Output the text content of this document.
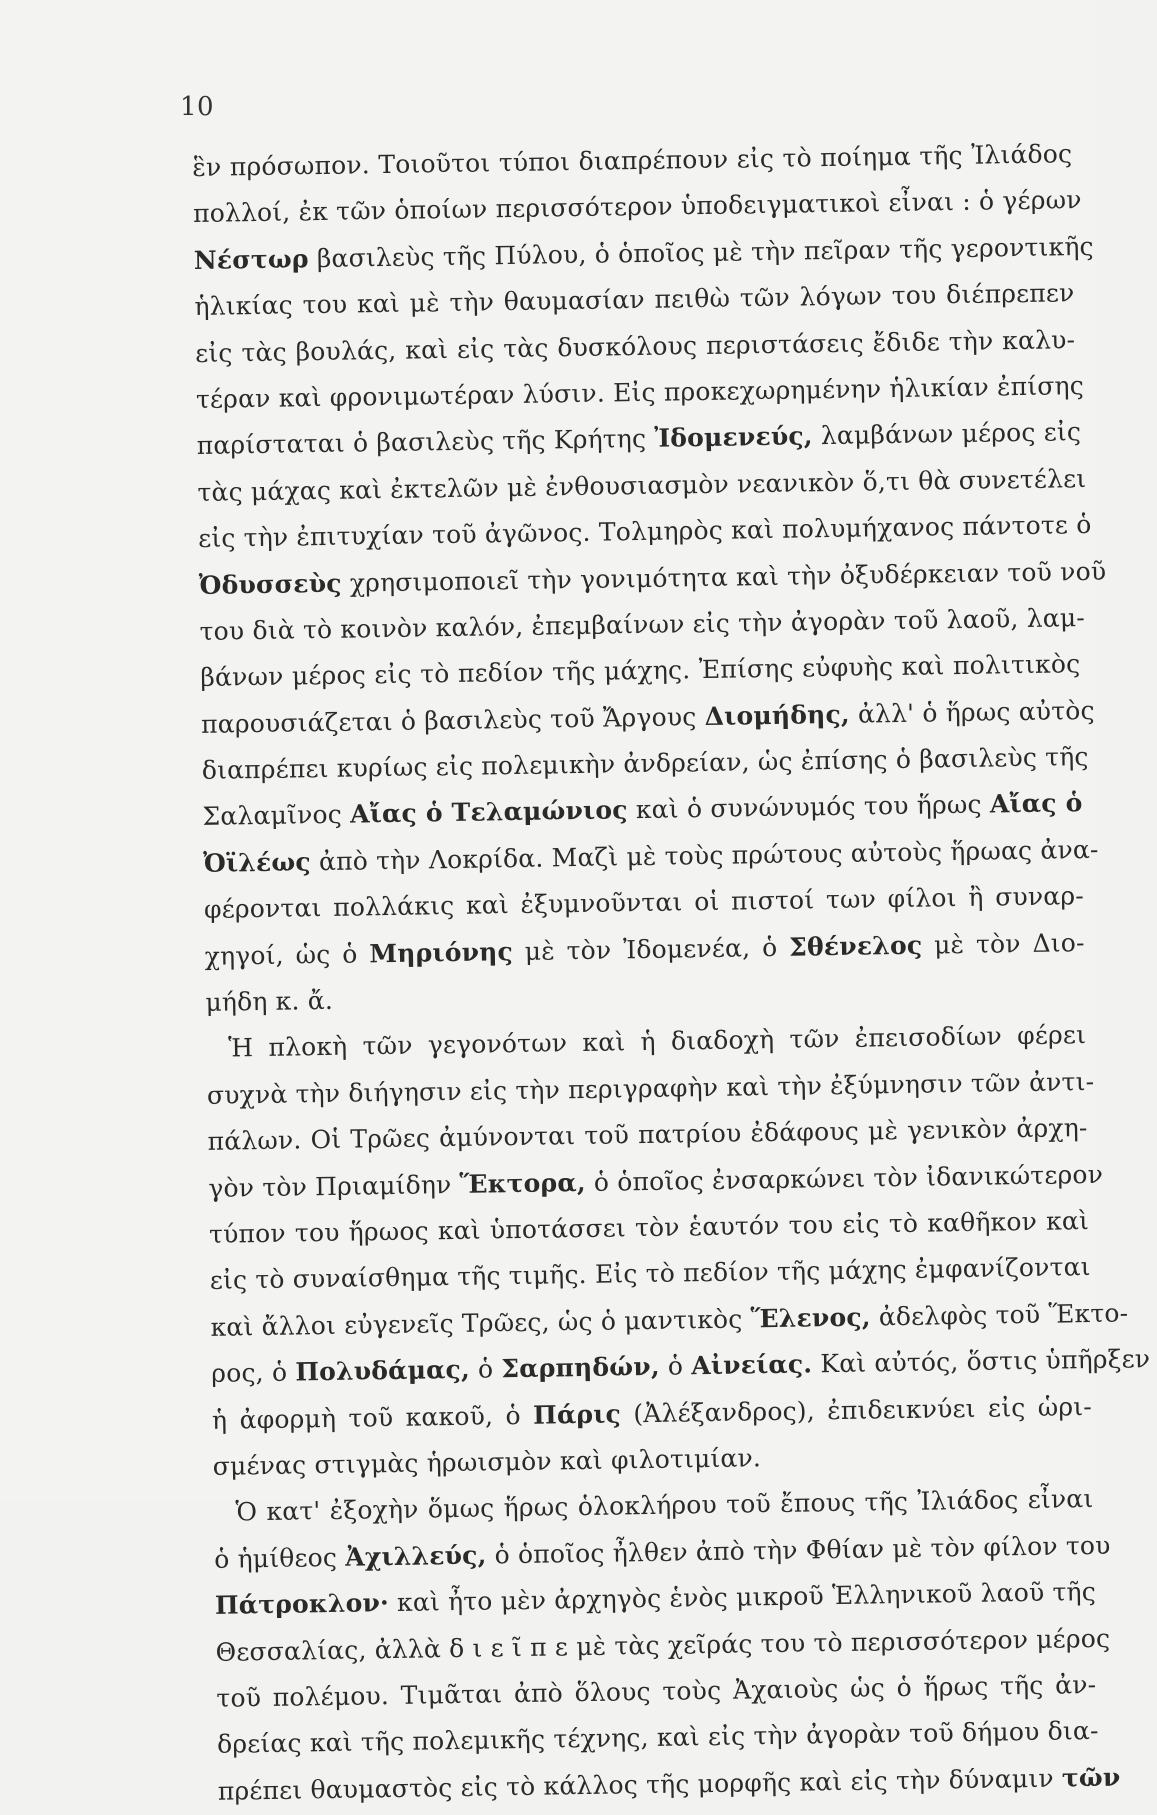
10
ἓν πρόσωπον. Τοιοῦτοι τύποι διαπρέπουν εἰς τὸ ποίημα τῆς Ἰλιάδος
πολλοί, ἐκ τῶν ὁποίων περισσότερον ὑποδειγματικοὶ εἶναι : ὁ γέρων
Νέστωρ βασιλεὺς τῆς Πύλου, ὁ ὁποῖος μὲ τὴν πεῖραν τῆς γεροντικῆς
ἡλικίας του καὶ μὲ τὴν θαυμασίαν πειθὼ τῶν λόγων του διέπρεπεν
εἰς τὰς βουλάς, καὶ εἰς τὰς δυσκόλους περιστάσεις ἔδιδε τὴν καλυ-
τέραν καὶ φρονιμωτέραν λύσιν. Εἰς προκεχωρημένην ἡλικίαν ἐπίσης
παρίσταται ὁ βασιλεὺς τῆς Κρήτης Ἰδομενεύς, λαμβάνων μέρος εἰς
τὰς μάχας καὶ ἐκτελῶν μὲ ἐνθουσιασμὸν νεανικὸν ὅ,τι θὰ συνετέλει
εἰς τὴν ἐπιτυχίαν τοῦ ἀγῶνος. Τολμηρὸς καὶ πολυμήχανος πάντοτε ὁ
Ὀδυσσεὺς χρησιμοποιεῖ τὴν γονιμότητα καὶ τὴν ὀξυδέρκειαν τοῦ νοῦ
του διὰ τὸ κοινὸν καλόν, ἐπεμβαίνων εἰς τὴν ἀγορὰν τοῦ λαοῦ, λαμ-
βάνων μέρος εἰς τὸ πεδίον τῆς μάχης. Ἐπίσης εὐφυὴς καὶ πολιτικὸς
παρουσιάζεται ὁ βασιλεὺς τοῦ Ἄργους Διομήδης, ἀλλ' ὁ ἥρως αὐτὸς
διαπρέπει κυρίως εἰς πολεμικὴν ἀνδρείαν, ὡς ἐπίσης ὁ βασιλεὺς τῆς
Σαλαμῖνος Αἴας ὁ Τελαμώνιος καὶ ὁ συνώνυμός του ἥρως Αἴας ὁ
Ὀϊλέως ἀπὸ τὴν Λοκρίδα. Μαζὶ μὲ τοὺς πρώτους αὐτοὺς ἥρωας ἀνα-
φέρονται πολλάκις καὶ ἐξυμνοῦνται οἱ πιστοί των φίλοι ἢ συναρ-
χηγοί, ὡς ὁ Μηριόνης μὲ τὸν Ἰδομενέα, ὁ Σθένελος μὲ τὸν Διο-
μήδη κ. ἄ.
Ἡ πλοκὴ τῶν γεγονότων καὶ ἡ διαδοχὴ τῶν ἐπεισοδίων φέρει
συχνὰ τὴν διήγησιν εἰς τὴν περιγραφὴν καὶ τὴν ἐξύμνησιν τῶν ἀντι-
πάλων. Οἱ Τρῶες ἀμύνονται τοῦ πατρίου ἐδάφους μὲ γενικὸν ἀρχη-
γὸν τὸν Πριαμίδην Ἕκτορα, ὁ ὁποῖος ἐνσαρκώνει τὸν ἰδανικώτερον
τύπον του ἥρωος καὶ ὑποτάσσει τὸν ἑαυτόν του εἰς τὸ καθῆκον καὶ
εἰς τὸ συναίσθημα τῆς τιμῆς. Εἰς τὸ πεδίον τῆς μάχης ἐμφανίζονται
καὶ ἄλλοι εὐγενεῖς Τρῶες, ὡς ὁ μαντικὸς Ἕλενος, ἀδελφὸς τοῦ Ἕκτο-
ρος, ὁ Πολυδάμας, ὁ Σαρπηδών, ὁ Αἰνείας. Καὶ αὐτός, ὅστις ὑπῆρξεν
ἡ ἀφορμὴ τοῦ κακοῦ, ὁ Πάρις (Ἀλέξανδρος), ἐπιδεικνύει εἰς ὡρι-
σμένας στιγμὰς ἡρωισμὸν καὶ φιλοτιμίαν.
Ὁ κατ' ἐξοχὴν ὅμως ἥρως ὁλοκλήρου τοῦ ἔπους τῆς Ἰλιάδος εἶναι
ὁ ἡμίθεος Ἀχιλλεύς, ὁ ὁποῖος ἦλθεν ἀπὸ τὴν Φθίαν μὲ τὸν φίλον του
Πάτροκλον· καὶ ἦτο μὲν ἀρχηγὸς ἑνὸς μικροῦ Ἑλληνικοῦ λαοῦ τῆς
Θεσσαλίας, ἀλλὰ δ ι ε ῖ π ε μὲ τὰς χεῖράς του τὸ περισσότερον μέρος
τοῦ πολέμου. Τιμᾶται ἀπὸ ὅλους τοὺς Ἀχαιοὺς ὡς ὁ ἥρως τῆς ἀν-
δρείας καὶ τῆς πολεμικῆς τέχνης, καὶ εἰς τὴν ἀγορὰν τοῦ δήμου δια-
πρέπει θαυμαστὸς εἰς τὸ κάλλος τῆς μορφῆς καὶ εἰς τὴν δύναμιν τῶν
